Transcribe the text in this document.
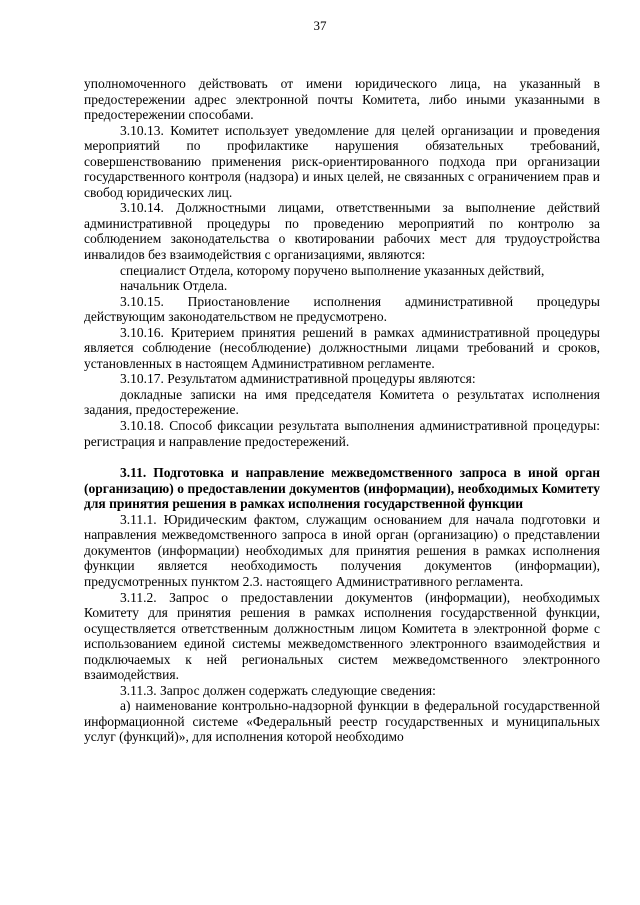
37

уполномоченного действовать от имени юридического лица, на указанный в предостережении адрес электронной почты Комитета, либо иными указанными в предостережении способами.

3.10.13. Комитет использует уведомление для целей организации и проведения мероприятий по профилактике нарушения обязательных требований, совершенствованию применения риск-ориентированного подхода при организации государственного контроля (надзора) и иных целей, не связанных с ограничением прав и свобод юридических лиц.

3.10.14. Должностными лицами, ответственными за выполнение действий административной процедуры по проведению мероприятий по контролю за соблюдением законодательства о квотировании рабочих мест для трудоустройства инвалидов без взаимодействия с организациями, являются:

специалист Отдела, которому поручено выполнение указанных действий,

начальник Отдела.

3.10.15. Приостановление исполнения административной процедуры действующим законодательством не предусмотрено.

3.10.16. Критерием принятия решений в рамках административной процедуры является соблюдение (несоблюдение) должностными лицами требований и сроков, установленных в настоящем Административном регламенте.

3.10.17. Результатом административной процедуры являются:

докладные записки на имя председателя Комитета о результатах исполнения задания, предостережение.

3.10.18. Способ фиксации результата выполнения административной процедуры: регистрация и направление предостережений.

3.11. Подготовка и направление межведомственного запроса в иной орган (организацию) о предоставлении документов (информации), необходимых Комитету для принятия решения в рамках исполнения государственной функции

3.11.1. Юридическим фактом, служащим основанием для начала подготовки и направления межведомственного запроса в иной орган (организацию) о представлении документов (информации) необходимых для принятия решения в рамках исполнения функции является необходимость получения документов (информации), предусмотренных пунктом 2.3. настоящего Административного регламента.

3.11.2. Запрос о предоставлении документов (информации), необходимых Комитету для принятия решения в рамках исполнения государственной функции, осуществляется ответственным должностным лицом Комитета в электронной форме с использованием единой системы межведомственного электронного взаимодействия и подключаемых к ней региональных систем межведомственного электронного взаимодействия.

3.11.3. Запрос должен содержать следующие сведения:

а) наименование контрольно-надзорной функции в федеральной государственной информационной системе «Федеральный реестр государственных и муниципальных услуг (функций)», для исполнения которой необходимо
